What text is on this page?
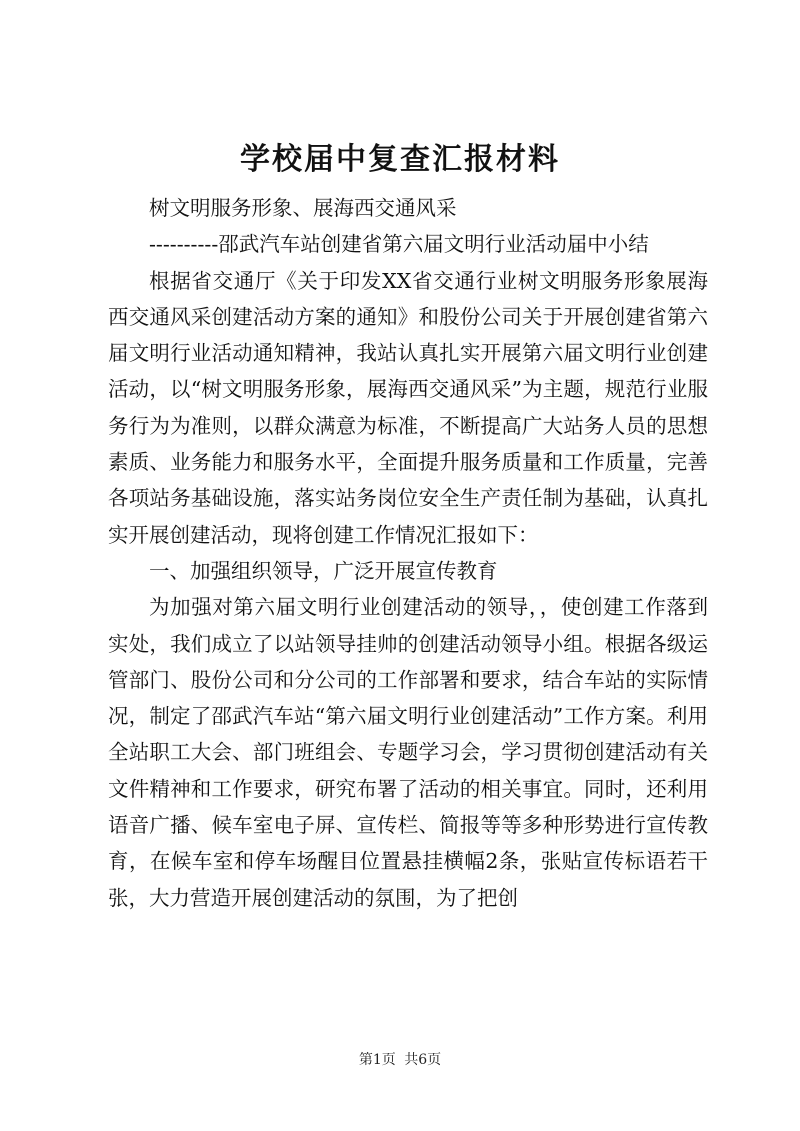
学校届中复查汇报材料

树文明服务形象、展海西交通风采

----------邵武汽车站创建省第六届文明行业活动届中小结

根据省交通厅《关于印发XX省交通行业树文明服务形象展海西交通风采创建活动方案的通知》和股份公司关于开展创建省第六届文明行业活动通知精神，我站认真扎实开展第六届文明行业创建活动，以“树文明服务形象，展海西交通风采”为主题，规范行业服务行为为准则，以群众满意为标准，不断提高广大站务人员的思想素质、业务能力和服务水平，全面提升服务质量和工作质量，完善各项站务基础设施，落实站务岗位安全生产责任制为基础，认真扎实开展创建活动，现将创建工作情况汇报如下：

一、加强组织领导，广泛开展宣传教育

为加强对第六届文明行业创建活动的领导，，使创建工作落到实处，我们成立了以站领导挂帅的创建活动领导小组。根据各级运管部门、股份公司和分公司的工作部署和要求，结合车站的实际情况，制定了邵武汽车站“第六届文明行业创建活动”工作方案。利用全站职工大会、部门班组会、专题学习会，学习贯彻创建活动有关文件精神和工作要求，研究布署了活动的相关事宜。同时，还利用语音广播、候车室电子屏、宣传栏、简报等等多种形势进行宣传教育，在候车室和停车场醒目位置悬挂横幅2条，张贴宣传标语若干张，大力营造开展创建活动的氛围，为了把创

第1页 共6页
